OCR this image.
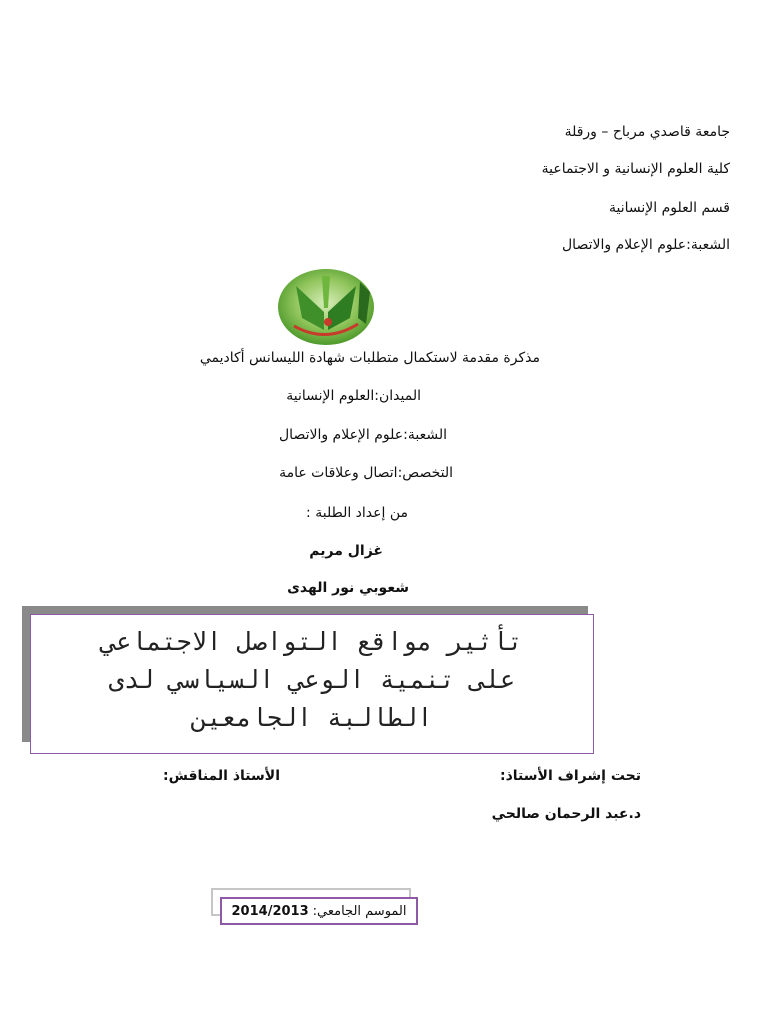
جامعة قاصدي مرباح – ورقلة
كلية العلوم الإنسانية و الاجتماعية
قسم العلوم الإنسانية
الشعبة:علوم الإعلام والاتصال
مذكرة مقدمة لاستكمال متطلبات شهادة الليسانس أكاديمي
الميدان:العلوم الإنسانية
الشعبة:علوم الإعلام والاتصال
التخصص:اتصال وعلاقات عامة
من إعداد الطلبة :
غزال مريم
شعوبي نور الهدى
تأثير مواقع التواصل الاجتماعي
على تنمية الوعي السياسي لدى
الطالبة الجامعين
تحت إشراف الأستاذ:
الأستاذ المناقش:
د.عبد الرحمان صالحي
الموسم الجامعي:
2014/2013
